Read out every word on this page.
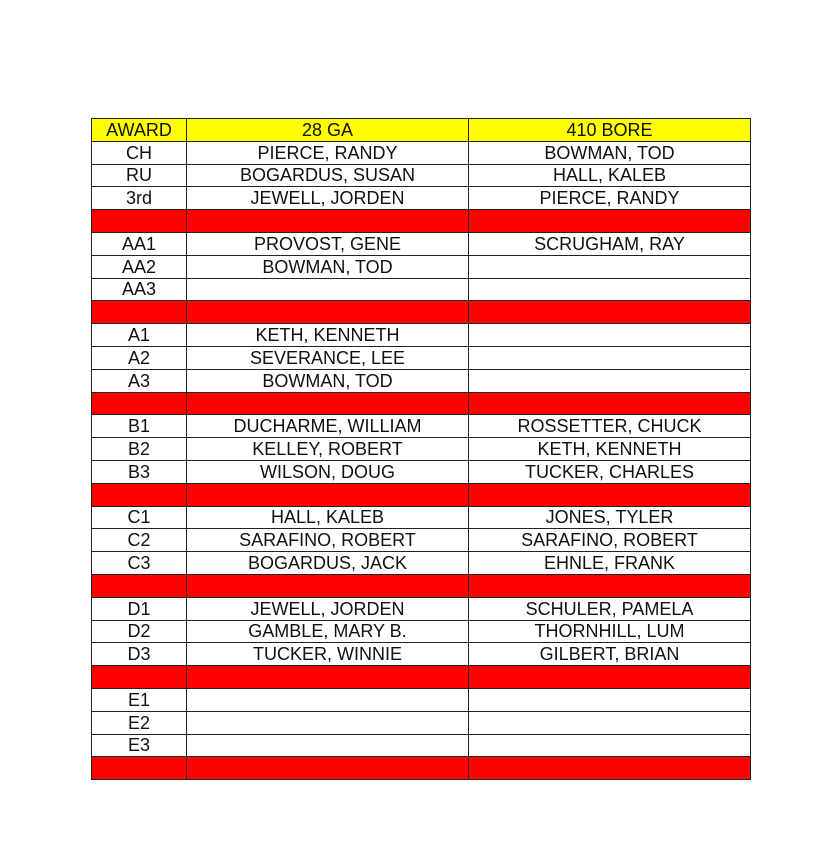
AWARD	28 GA	410 BORE
CH	PIERCE, RANDY	BOWMAN, TOD
RU	BOGARDUS, SUSAN	HALL, KALEB
3rd	JEWELL, JORDEN	PIERCE, RANDY

AA1	PROVOST, GENE	SCRUGHAM, RAY
AA2	BOWMAN, TOD	
AA3		

A1	KETH, KENNETH	
A2	SEVERANCE, LEE	
A3	BOWMAN, TOD	

B1	DUCHARME, WILLIAM	ROSSETTER, CHUCK
B2	KELLEY, ROBERT	KETH, KENNETH
B3	WILSON, DOUG	TUCKER, CHARLES

C1	HALL, KALEB	JONES, TYLER
C2	SARAFINO, ROBERT	SARAFINO, ROBERT
C3	BOGARDUS, JACK	EHNLE, FRANK

D1	JEWELL, JORDEN	SCHULER, PAMELA
D2	GAMBLE, MARY B.	THORNHILL, LUM
D3	TUCKER, WINNIE	GILBERT, BRIAN

E1		
E2		
E3		
